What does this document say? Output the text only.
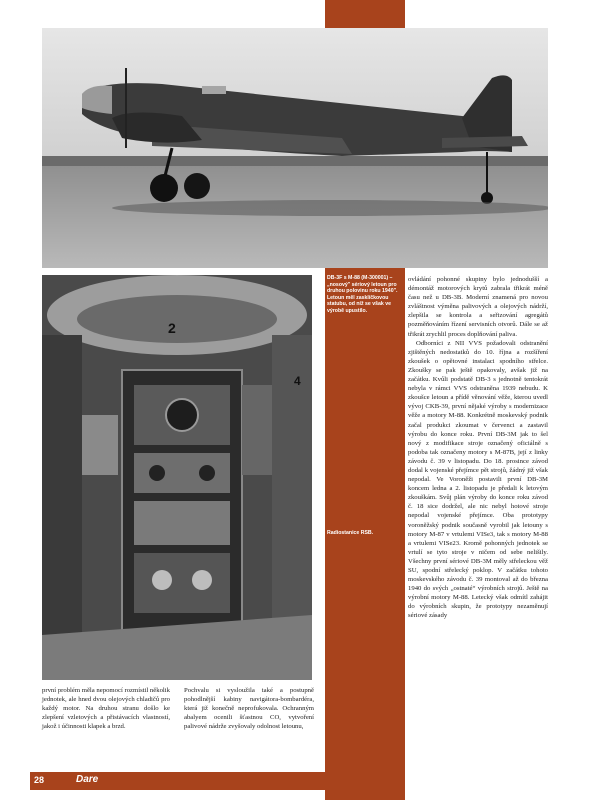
2
4
DB-3F s M-88 (M-300001) – „nosový" sériový letoun pro druhou polovinu roku 1940". Letoun měl zasklíčkovou statubu, od níž se však ve výrobě upustilo.
Radiostanice RSB.

ovládání pohonné skupiny bylo jednodušší a démontáž motorových krytů zabrala třikrát méně času než u DB-3B. Moderní znamená pro novou zvláštnost výměna palivových a olejových nádrží, zlepšila se kontrola a seřizování agregátů pozměňováním řízení servisních otvorů. Dále se až třikrát zrychlil proces doplňování paliva.

Odborníci z NII VVS požadovali odstranění zjištěných nedostatků do 10. října a rozšíření zkoušek o opětovné instalaci spodního střelce. Zkoušky se pak ještě opakovaly, avšak již na začátku. Kvůli podstatě DB-3 s jednotně tentokrát nebyla v rámci VVS odstraněna 1939 nebudu. K zkoušce letoun a přídě věnování věže, kterou uvedl vývoj CKB-39, první nějaké výroby s modernizace věže a motory M-88. Konkrétně moskevský podnik začal produkci zkoumat v červenci a zastavil výrobu do konce roku. První DB-3M jak to šel nový z modifikace stroje označený oficiálně s podoba tak označeny motory s M-87B, její z linky závodu č. 39 v listopadu. Do 18. prosince závod dodal k vojenské přejímce pět strojů, žádný již však nepodal. Ve Voroněži postavili první DB-3M koncem ledna a 2. listopadu je předali k letovým zkouškám. Svůj plán výroby do konce roku závod č. 18 sice dodržel, ale nic nebyl hotové stroje nepodal vojenské přejímce. Oba prototypy voroněžský podnik současně vyrobil jak letouny s motory M-87 v vrtulemi VISe3, tak s motory M-88 a vrtulemi VISe23. Kromě pohonných jednotek se vrtulí se tyto stroje v ničem od sebe nelišily. Všechny první sériové DB-3M měly střeleckou věž SU, spodní střelecký poklop. V začátku tohoto moskevského závodu č. 39 montoval až do března 1940 do svých „ostnaté“ výrobních strojů. Ještě na výrobní motory M-88. Letecký však odmítl zahájit do výrobních skupin, že prototypy nezaměnují sériové zásady

první problém měla nepomocí rozmístil několik jednotek, ale hned dvou olejových chladičů pro každý motor. Na druhou stranu došlo ke zlepšení vzletových a přistávacích vlastností, jakož i účinnosti klapek a brzd.

Pochvalu si vysloužila také a postupně pohodlnější kabiny navigátora-bombardéra, která již konečně neprofukovala. Ochranným abalyem ocenili šťastnou CO, vytvoření palivové nádrže zvyšovaly odolnost letounu,

28	Dare
